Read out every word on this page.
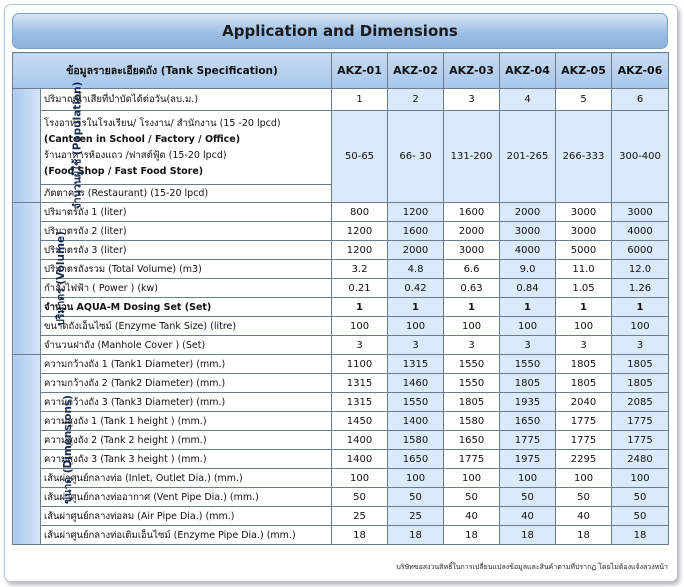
Application and Dimensions
ข้อมูลรายละเอียดถัง (Tank Specification)		AKZ-01	AKZ-02	AKZ-03	AKZ-04	AKZ-05	AKZ-06
จำนวนผู้ใช้ (Population)	ปริมาณน้ำเสียที่บำบัดได้ต่อวัน(ลบ.ม.)	1	2	3	4	5	6

	โรงอาหารในโรงเรียน/ โรงงาน/ สำนักงาน (15 -20 lpcd)
(Canteen in School / Factory / Office)
ร้านอาหารห้องแถว /ฟาสต์ฟู้ด (15-20 lpcd)
(Food Shop / Fast Food Store)	50-65	66- 30	131-200	201-265	266-333	300-400
	ภัตตาคาร (Restaurant) (15-20 lpcd)						

ปริมาตร (Volume)	ปริมาตรถัง 1 (liter)	800	1200	1600	2000	3000	3000
	ปริมาตรถัง 2 (liter)	1200	1600	2000	3000	3000	4000
	ปริมาตรถัง 3 (liter)	1200	2000	3000	4000	5000	6000
	ปริมาตรถังรวม (Total Volume) (m3)	3.2	4.8	6.6	9.0	11.0	12.0
	กำลังไฟฟ้า ( Power ) (kw)	0.21	0.42	0.63	0.84	1.05	1.26
	จำนวน AQUA-M Dosing Set (Set)	1	1	1	1	1	1
	ขนาดถังเอ็นไซม์ (Enzyme Tank Size) (litre)	100	100	100	100	100	100
	จำนวนฝาถัง (Manhole Cover ) (Set)	3	3	3	3	3	3
ขนาด (Dimensions)	ความกว้างถัง 1 (Tank1 Diameter) (mm.)	1100	1315	1550	1550	1805	1805
	ความกว้างถัง 2 (Tank2 Diameter) (mm.)	1315	1460	1550	1805	1805	1805
	ความกว้างถัง 3 (Tank3 Diameter) (mm.)	1315	1550	1805	1935	2040	2085
	ความสูงถัง 1 (Tank 1 height ) (mm.)	1450	1400	1580	1650	1775	1775
	ความสูงถัง 2 (Tank 2 height ) (mm.)	1400	1580	1650	1775	1775	1775
	ความสูงถัง 3 (Tank 3 height ) (mm.)	1400	1650	1775	1975	2295	2480
	เส้นผ่าศูนย์กลางท่อ (Inlet, Outlet Dia.) (mm.)	100	100	100	100	100	100
	เส้นผ่าศูนย์กลางท่ออากาศ (Vent Pipe Dia.) (mm.)	50	50	50	50	50	50
	เส้นผ่าศูนย์กลางท่อลม (Air Pipe Dia.) (mm.)	25	25	40	40	40	50
	เส้นผ่าศูนย์กลางท่อเติมเอ็นไซม์ (Enzyme Pipe Dia.) (mm.)	18	18	18	18	18	18
บริษัทขอสงวนสิทธิ์ในการเปลี่ยนแปลงข้อมูลและสินค้าตามที่ปรากฏ โดยไม่ต้องแจ้งล่วงหน้า
